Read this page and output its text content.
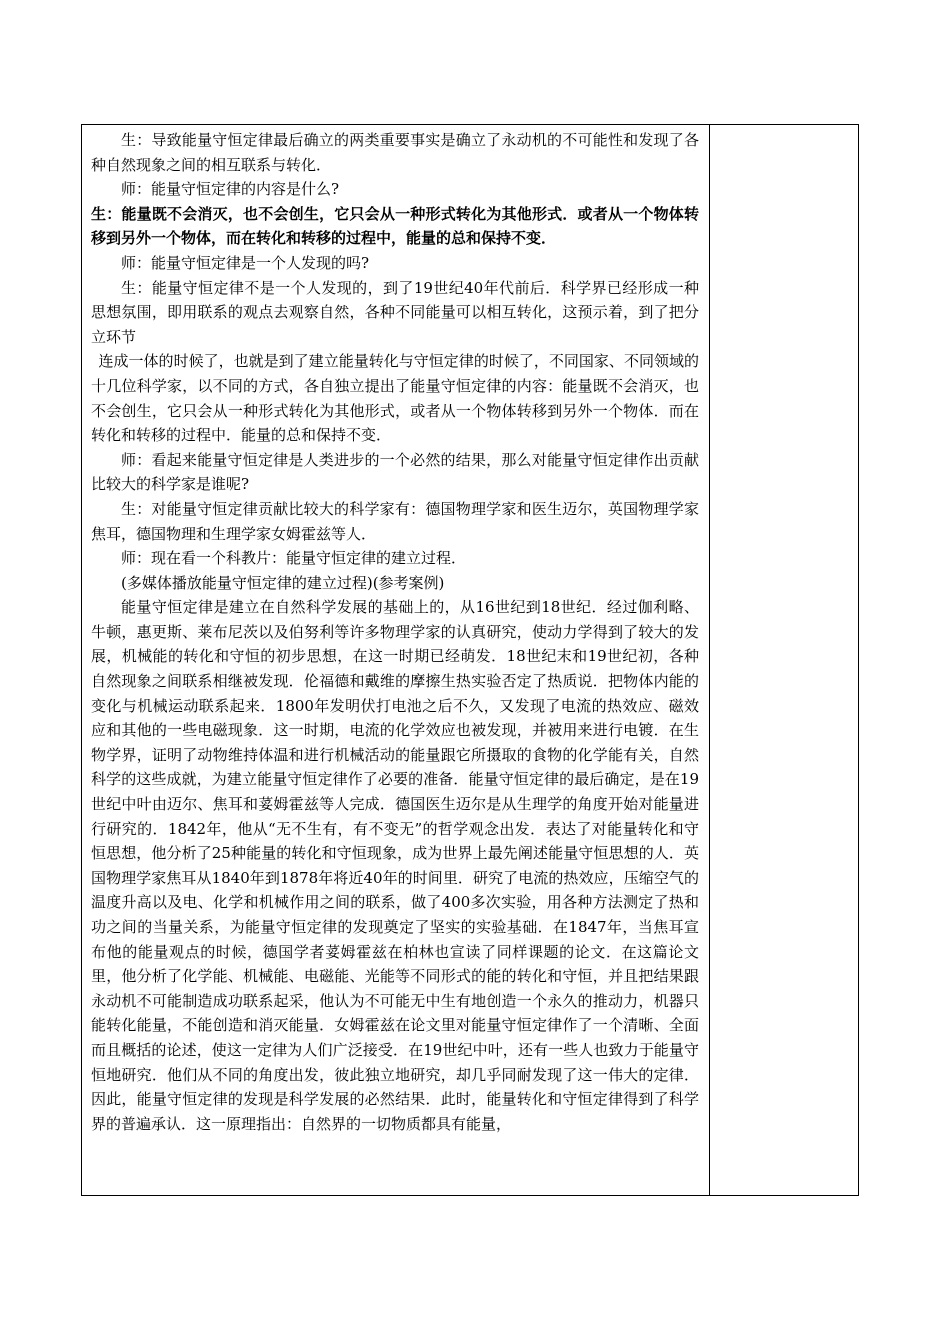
生：导致能量守恒定律最后确立的两类重要事实是确立了永动机的不可能性和发现了各种自然现象之间的相互联系与转化．

师：能量守恒定律的内容是什么?

生：能量既不会消灭，也不会创生，它只会从一种形式转化为其他形式．或者从一个物体转移到另外一个物体，而在转化和转移的过程中，能量的总和保持不变．

师：能量守恒定律是一个人发现的吗?

生：能量守恒定律不是一个人发现的，到了19世纪40年代前后．科学界已经形成一种思想氛围，即用联系的观点去观察自然，各种不同能量可以相互转化，这预示着，到了把分立环节

连成一体的时候了，也就是到了建立能量转化与守恒定律的时候了，不同国家、不同领域的十几位科学家，以不同的方式，各自独立提出了能量守恒定律的内容：能量既不会消灭，也不会创生，它只会从一种形式转化为其他形式，或者从一个物体转移到另外一个物体．而在转化和转移的过程中．能量的总和保持不变．

师：看起来能量守恒定律是人类进步的一个必然的结果，那么对能量守恒定律作出贡献比较大的科学家是谁呢?

生：对能量守恒定律贡献比较大的科学家有：德国物理学家和医生迈尔，英国物理学家焦耳，德国物理和生理学家女姆霍兹等人．

师：现在看一个科教片：能量守恒定律的建立过程．

(多媒体播放能量守恒定律的建立过程)(参考案例)

能量守恒定律是建立在自然科学发展的基础上的，从16世纪到18世纪．经过伽利略、牛顿，惠更斯、莱布尼茨以及伯努利等许多物理学家的认真研究，使动力学得到了较大的发展，机械能的转化和守恒的初步思想，在这一时期已经萌发．18世纪末和19世纪初，各种自然现象之间联系相继被发现．伦福德和戴维的摩擦生热实验否定了热质说．把物体内能的变化与机械运动联系起来．1800年发明伏打电池之后不久，又发现了电流的热效应、磁效应和其他的一些电磁现象．这一时期，电流的化学效应也被发现，并被用来进行电镀．在生物学界，证明了动物维持体温和进行机械活动的能量跟它所摄取的食物的化学能有关，自然科学的这些成就，为建立能量守恒定律作了必要的准备．能量守恒定律的最后确定，是在19世纪中叶由迈尔、焦耳和荽姆霍兹等人完成．德国医生迈尔是从生理学的角度开始对能量进行研究的．1842年，他从“无不生有，有不变无”的哲学观念出发．表达了对能量转化和守恒思想，他分析了25种能量的转化和守恒现象，成为世界上最先阐述能量守恒思想的人．英国物理学家焦耳从1840年到1878年将近40年的时间里．研究了电流的热效应，压缩空气的温度升高以及电、化学和机械作用之间的联系，做了400多次实验，用各种方法测定了热和功之间的当量关系，为能量守恒定律的发现奠定了坚实的实验基础．在1847年，当焦耳宣布他的能量观点的时候，德国学者荽姆霍兹在柏林也宣读了同样课题的论文．在这篇论文里，他分析了化学能、机械能、电磁能、光能等不同形式的能的转化和守恒，并且把结果跟永动机不可能制造成功联系起采，他认为不可能无中生有地创造一个永久的推动力，机器只能转化能量，不能创造和消灭能量．女姆霍兹在论文里对能量守恒定律作了一个清晰、全面而且概括的论述，使这一定律为人们广泛接受．在19世纪中叶，还有一些人也致力于能量守恒地研究．他们从不同的角度出发，彼此独立地研究，却几乎同耐发现了这一伟大的定律．因此，能量守恒定律的发现是科学发展的必然结果．此时，能量转化和守恒定律得到了科学界的普遍承认．这一原理指出：自然界的一切物质都具有能量，
